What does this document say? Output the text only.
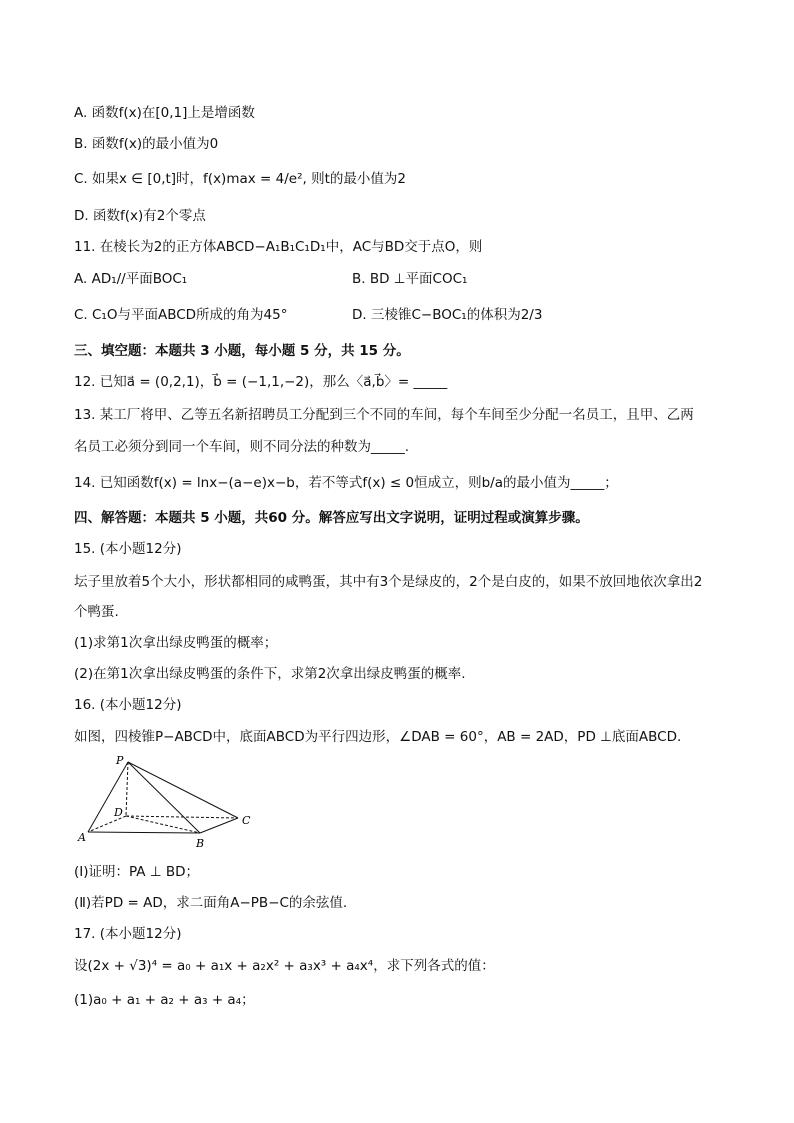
A. 函数f(x)在[0,1]上是增函数
B. 函数f(x)的最小值为0
C. 如果x ∈ [0,t]时，f(x)max = 4/e², 则t的最小值为2
D. 函数f(x)有2个零点
11. 在棱长为2的正方体ABCD−A₁B₁C₁D₁中，AC与BD交于点O，则
A. AD₁//平面BOC₁	B. BD ⊥平面COC₁
C. C₁O与平面ABCD所成的角为45°	D. 三棱锥C−BOC₁的体积为2/3
三、填空题：本题共 3 小题，每小题 5 分，共 15 分。
12. 已知a⃗ = (0,2,1)，b⃗ = (−1,1,−2)，那么〈a⃗,b⃗〉= _____
13. 某工厂将甲、乙等五名新招聘员工分配到三个不同的车间，每个车间至少分配一名员工，且甲、乙两
名员工必须分到同一个车间，则不同分法的种数为_____.
14. 已知函数f(x) = lnx−(a−e)x−b，若不等式f(x) ≤ 0恒成立，则b/a的最小值为_____；
四、解答题：本题共 5 小题，共60 分。解答应写出文字说明，证明过程或演算步骤。
15. (本小题12分)
坛子里放着5个大小，形状都相同的咸鸭蛋，其中有3个是绿皮的，2个是白皮的，如果不放回地依次拿出2
个鸭蛋.
(1)求第1次拿出绿皮鸭蛋的概率；
(2)在第1次拿出绿皮鸭蛋的条件下，求第2次拿出绿皮鸭蛋的概率.
16. (本小题12分)
如图，四棱锥P−ABCD中，底面ABCD为平行四边形，∠DAB = 60°，AB = 2AD，PD ⊥底面ABCD.
P
D
A	B
C
(Ⅰ)证明：PA ⊥ BD；
(Ⅱ)若PD = AD，求二面角A−PB−C的余弦值.
17. (本小题12分)
设(2x + √3)⁴ = a₀ + a₁x + a₂x² + a₃x³ + a₄x⁴，求下列各式的值：
(1)a₀ + a₁ + a₂ + a₃ + a₄；
